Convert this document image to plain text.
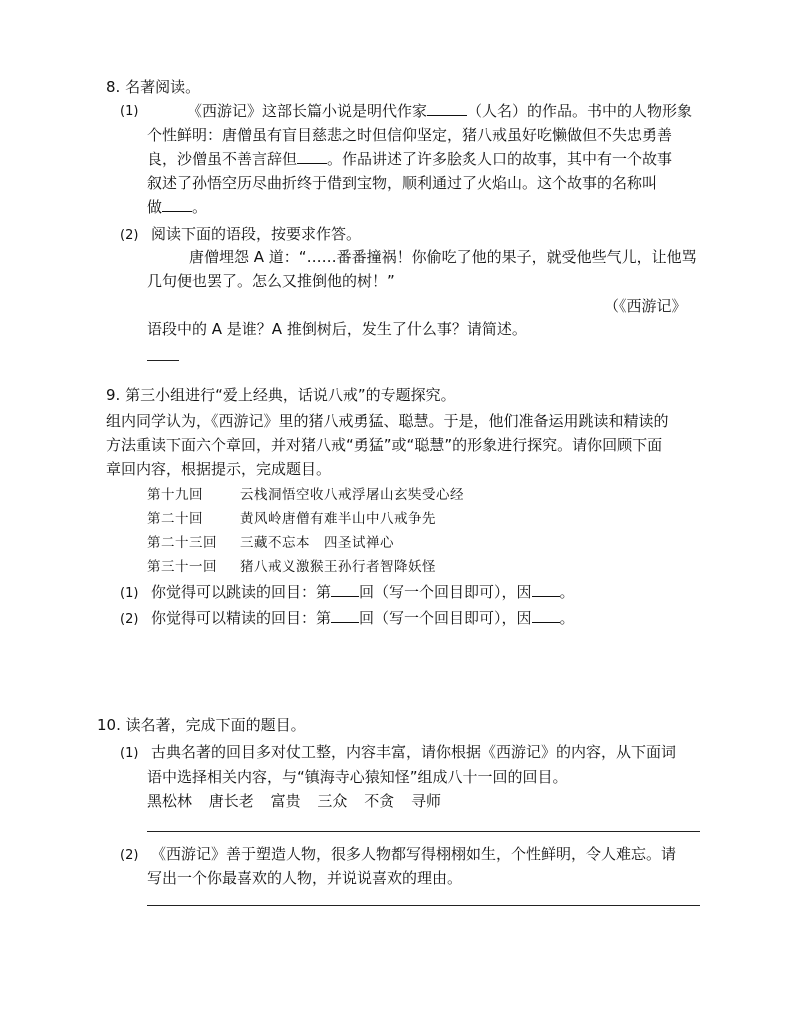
8. 名著阅读。
(1)	《西游记》这部长篇小说是明代作家	（人名）的作品。书中的人物形象
个性鲜明：唐僧虽有盲目慈悲之时但信仰坚定，猪八戒虽好吃懒做但不失忠勇善
良，沙僧虽不善言辞但 。作品讲述了许多脍炙人口的故事，其中有一个故事
叙述了孙悟空历尽曲折终于借到宝物，顺利通过了火焰山。这个故事的名称叫
做 。
(2) 阅读下面的语段，按要求作答。
唐僧埋怨 A 道：“……番番撞祸！你偷吃了他的果子，就受他些气儿，让他骂
几句便也罢了。怎么又推倒他的树！”
（《西游记》
语段中的 A 是谁？A 推倒树后，发生了什么事？请简述。
9. 第三小组进行“爱上经典，话说八戒”的专题探究。
组内同学认为，《西游记》里的猪八戒勇猛、聪慧。于是，他们准备运用跳读和精读的
方法重读下面六个章回，并对猪八戒“勇猛”或“聪慧”的形象进行探究。请你回顾下面
章回内容，根据提示，完成题目。
第十九回	云栈洞悟空收八戒浮屠山玄奘受心经
第二十回	黄风岭唐僧有难半山中八戒争先
第二十三回 三藏不忘本　四圣试禅心
第三十一回 猪八戒义激猴王孙行者智降妖怪
(1) 你觉得可以跳读的回目：第 回（写一个回目即可），因 。
(2) 你觉得可以精读的回目：第 回（写一个回目即可），因 。
10. 读名著，完成下面的题目。
(1) 古典名著的回目多对仗工整，内容丰富，请你根据《西游记》的内容，从下面词
语中选择相关内容，与“镇海寺心猿知怪”组成八十一回的回目。
黑松林 唐长老 富贵 三众 不贪 寻师
(2) 《西游记》善于塑造人物，很多人物都写得栩栩如生，个性鲜明，令人难忘。请
写出一个你最喜欢的人物，并说说喜欢的理由。
